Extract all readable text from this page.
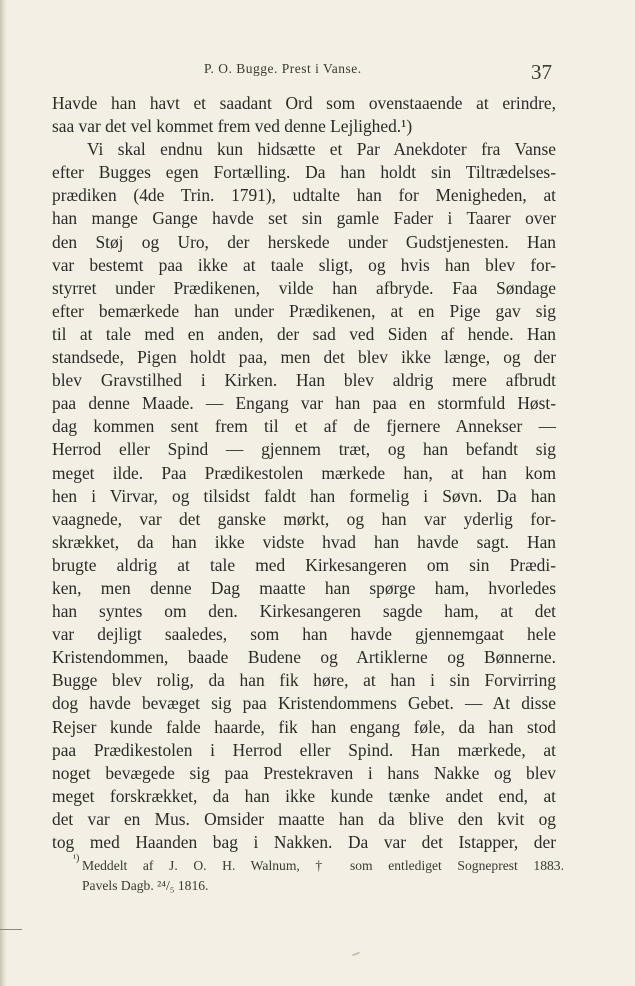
P. O. Bugge. Prest i Vanse.	37
Havde han havt et saadant Ord som ovenstaaende at erindre,
saa var det vel kommet frem ved denne Lejlighed.¹)
Vi skal endnu kun hidsætte et Par Anekdoter fra Vanse
efter Bugges egen Fortælling. Da han holdt sin Tiltrædelses-
prædiken (4de Trin. 1791), udtalte han for Menigheden, at
han mange Gange havde set sin gamle Fader i Taarer over
den Støj og Uro, der herskede under Gudstjenesten. Han
var bestemt paa ikke at taale sligt, og hvis han blev for-
styrret under Prædikenen, vilde han afbryde. Faa Søndage
efter bemærkede han under Prædikenen, at en Pige gav sig
til at tale med en anden, der sad ved Siden af hende. Han
standsede, Pigen holdt paa, men det blev ikke længe, og der
blev Gravstilhed i Kirken. Han blev aldrig mere afbrudt
paa denne Maade. — Engang var han paa en stormfuld Høst-
dag kommen sent frem til et af de fjernere Annekser —
Herrod eller Spind — gjennem træt, og han befandt sig
meget ilde. Paa Prædikestolen mærkede han, at han kom
hen i Virvar, og tilsidst faldt han formelig i Søvn. Da han
vaagnede, var det ganske mørkt, og han var yderlig for-
skrækket, da han ikke vidste hvad han havde sagt. Han
brugte aldrig at tale med Kirkesangeren om sin Prædi-
ken, men denne Dag maatte han spørge ham, hvorledes
han syntes om den. Kirkesangeren sagde ham, at det
var dejligt saaledes, som han havde gjennemgaat hele
Kristendommen, baade Budene og Artiklerne og Bønnerne.
Bugge blev rolig, da han fik høre, at han i sin Forvirring
dog havde bevæget sig paa Kristendommens Gebet. — At disse
Rejser kunde falde haarde, fik han engang føle, da han stod
paa Prædikestolen i Herrod eller Spind. Han mærkede, at
noget bevægede sig paa Prestekraven i hans Nakke og blev
meget forskrækket, da han ikke kunde tænke andet end, at
det var en Mus. Omsider maatte han da blive den kvit og
tog med Haanden bag i Nakken. Da var det Istapper, der
¹) Meddelt af J. O. H. Walnum, † som entlediget Sogneprest 1883.
Pavels Dagb. ²⁴/₅ 1816.
